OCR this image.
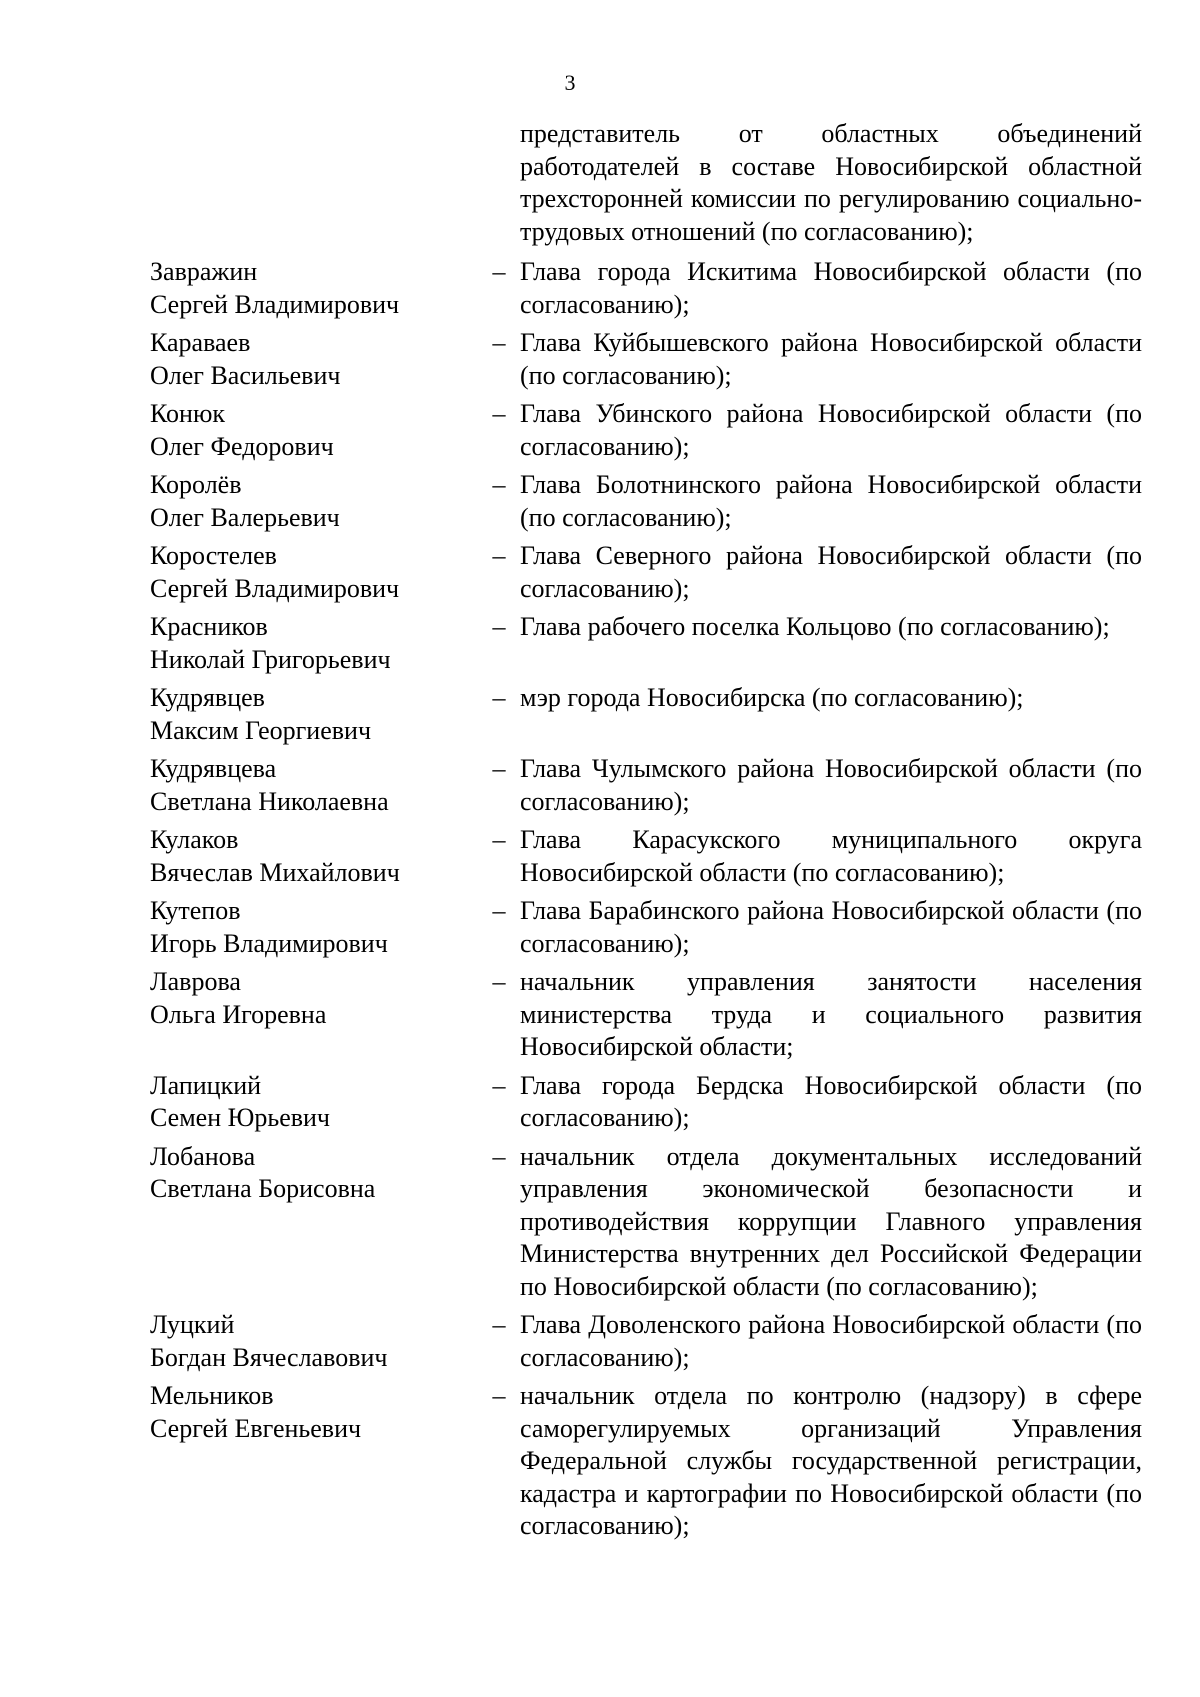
3
представитель от областных объединений работодателей в составе Новосибирской областной трехсторонней комиссии по регулированию социально-трудовых отношений (по согласованию);
Завражин
Сергей Владимирович
– Глава города Искитима Новосибирской области (по согласованию);
Караваев
Олег Васильевич
– Глава Куйбышевского района Новосибирской области (по согласованию);
Конюк
Олег Федорович
– Глава Убинского района Новосибирской области (по согласованию);
Королёв
Олег Валерьевич
– Глава Болотнинского района Новосибирской области (по согласованию);
Коростелев
Сергей Владимирович
– Глава Северного района Новосибирской области (по согласованию);
Красников
Николай Григорьевич
– Глава рабочего поселка Кольцово (по согласованию);
Кудрявцев
Максим Георгиевич
– мэр города Новосибирска (по согласованию);
Кудрявцева
Светлана Николаевна
– Глава Чулымского района Новосибирской области (по согласованию);
Кулаков
Вячеслав Михайлович
– Глава Карасукского муниципального округа Новосибирской области (по согласованию);
Кутепов
Игорь Владимирович
– Глава Барабинского района Новосибирской области (по согласованию);
Лаврова
Ольга Игоревна
– начальник управления занятости населения министерства труда и социального развития Новосибирской области;
Лапицкий
Семен Юрьевич
– Глава города Бердска Новосибирской области (по согласованию);
Лобанова
Светлана Борисовна
– начальник отдела документальных исследований управления экономической безопасности и противодействия коррупции Главного управления Министерства внутренних дел Российской Федерации по Новосибирской области (по согласованию);
Луцкий
Богдан Вячеславович
– Глава Доволенского района Новосибирской области (по согласованию);
Мельников
Сергей Евгеньевич
– начальник отдела по контролю (надзору) в сфере саморегулируемых организаций Управления Федеральной службы государственной регистрации, кадастра и картографии по Новосибирской области (по согласованию);
